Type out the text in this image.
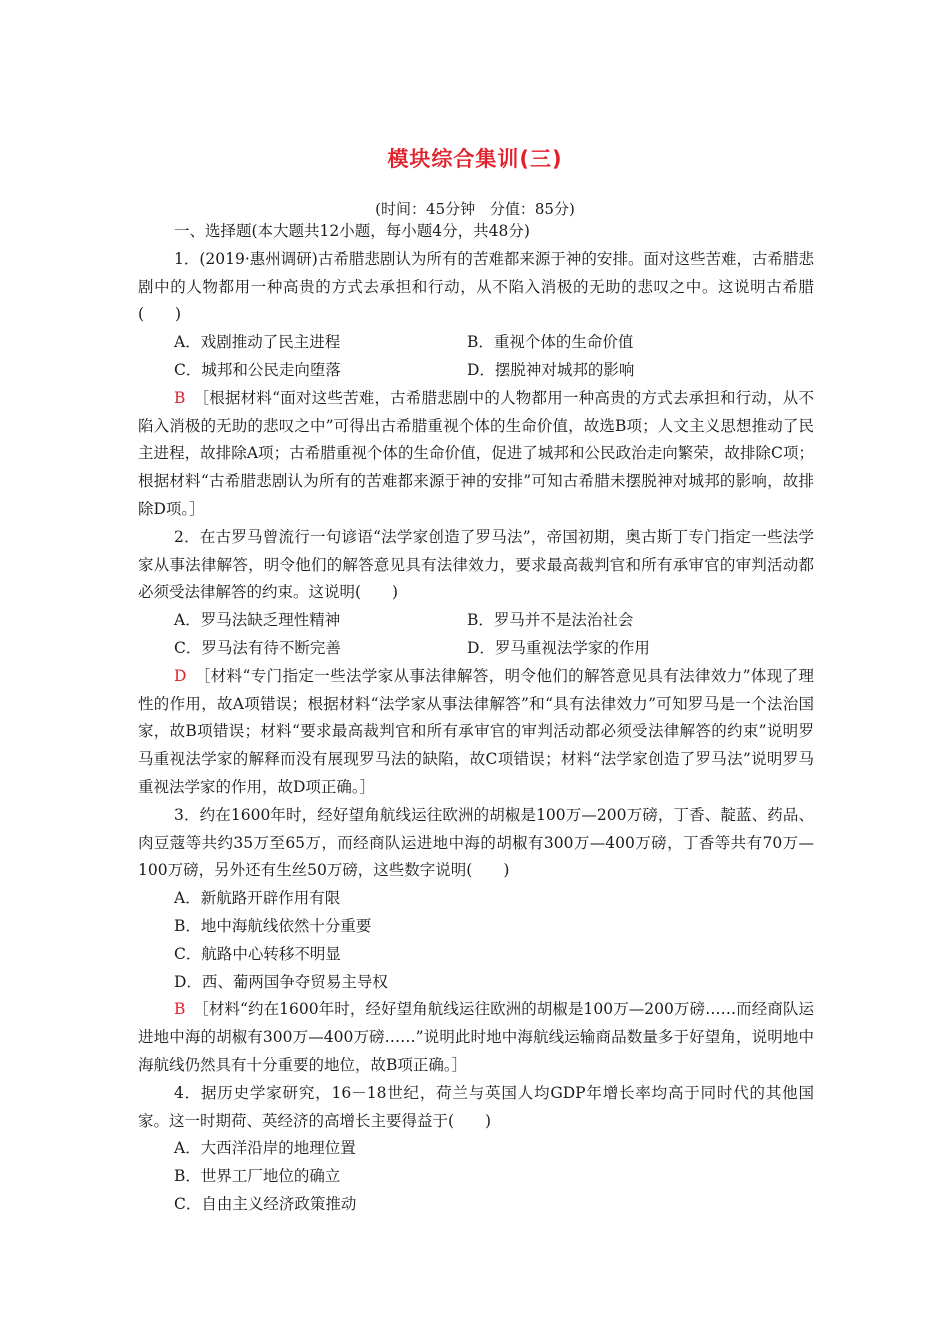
模块综合集训(三)
(时间：45分钟 分值：85分)

一、选择题(本大题共12小题，每小题4分，共48分)

1．(2019·惠州调研)古希腊悲剧认为所有的苦难都来源于神的安排。面对这些苦难，古希腊悲剧中的人物都用一种高贵的方式去承担和行动，从不陷入消极的无助的悲叹之中。这说明古希腊(　　)

A．戏剧推动了民主进程	B．重视个体的生命价值
C．城邦和公民走向堕落	D．摆脱神对城邦的影响

B　 ［根据材料“面对这些苦难，古希腊悲剧中的人物都用一种高贵的方式去承担和行动，从不陷入消极的无助的悲叹之中”可得出古希腊重视个体的生命价值，故选B项；人文主义思想推动了民主进程，故排除A项；古希腊重视个体的生命价值，促进了城邦和公民政治走向繁荣，故排除C项；根据材料“古希腊悲剧认为所有的苦难都来源于神的安排”可知古希腊未摆脱神对城邦的影响，故排除D项。］

2．在古罗马曾流行一句谚语“法学家创造了罗马法”，帝国初期，奥古斯丁专门指定一些法学家从事法律解答，明令他们的解答意见具有法律效力，要求最高裁判官和所有承审官的审判活动都必须受法律解答的约束。这说明(　　)

A．罗马法缺乏理性精神	B．罗马并不是法治社会
C．罗马法有待不断完善	D．罗马重视法学家的作用

D　 ［材料“专门指定一些法学家从事法律解答，明令他们的解答意见具有法律效力”体现了理性的作用，故A项错误；根据材料“法学家从事法律解答”和“具有法律效力”可知罗马是一个法治国家，故B项错误；材料“要求最高裁判官和所有承审官的审判活动都必须受法律解答的约束”说明罗马重视法学家的解释而没有展现罗马法的缺陷，故C项错误；材料“法学家创造了罗马法”说明罗马重视法学家的作用，故D项正确。］

3．约在1600年时，经好望角航线运往欧洲的胡椒是100万—200万磅，丁香、靛蓝、药品、肉豆蔻等共约35万至65万，而经商队运进地中海的胡椒有300万—400万磅，丁香等共有70万—100万磅，另外还有生丝50万磅，这些数字说明(　　)

A．新航路开辟作用有限

B．地中海航线依然十分重要

C．航路中心转移不明显

D．西、葡两国争夺贸易主导权

B　 ［材料“约在1600年时，经好望角航线运往欧洲的胡椒是100万—200万磅……而经商队运进地中海的胡椒有300万—400万磅……”说明此时地中海航线运输商品数量多于好望角，说明地中海航线仍然具有十分重要的地位，故B项正确。］

4．据历史学家研究，16－18世纪，荷兰与英国人均GDP年增长率均高于同时代的其他国家。这一时期荷、英经济的高增长主要得益于(　　)

A．大西洋沿岸的地理位置

B．世界工厂地位的确立

C．自由主义经济政策推动
